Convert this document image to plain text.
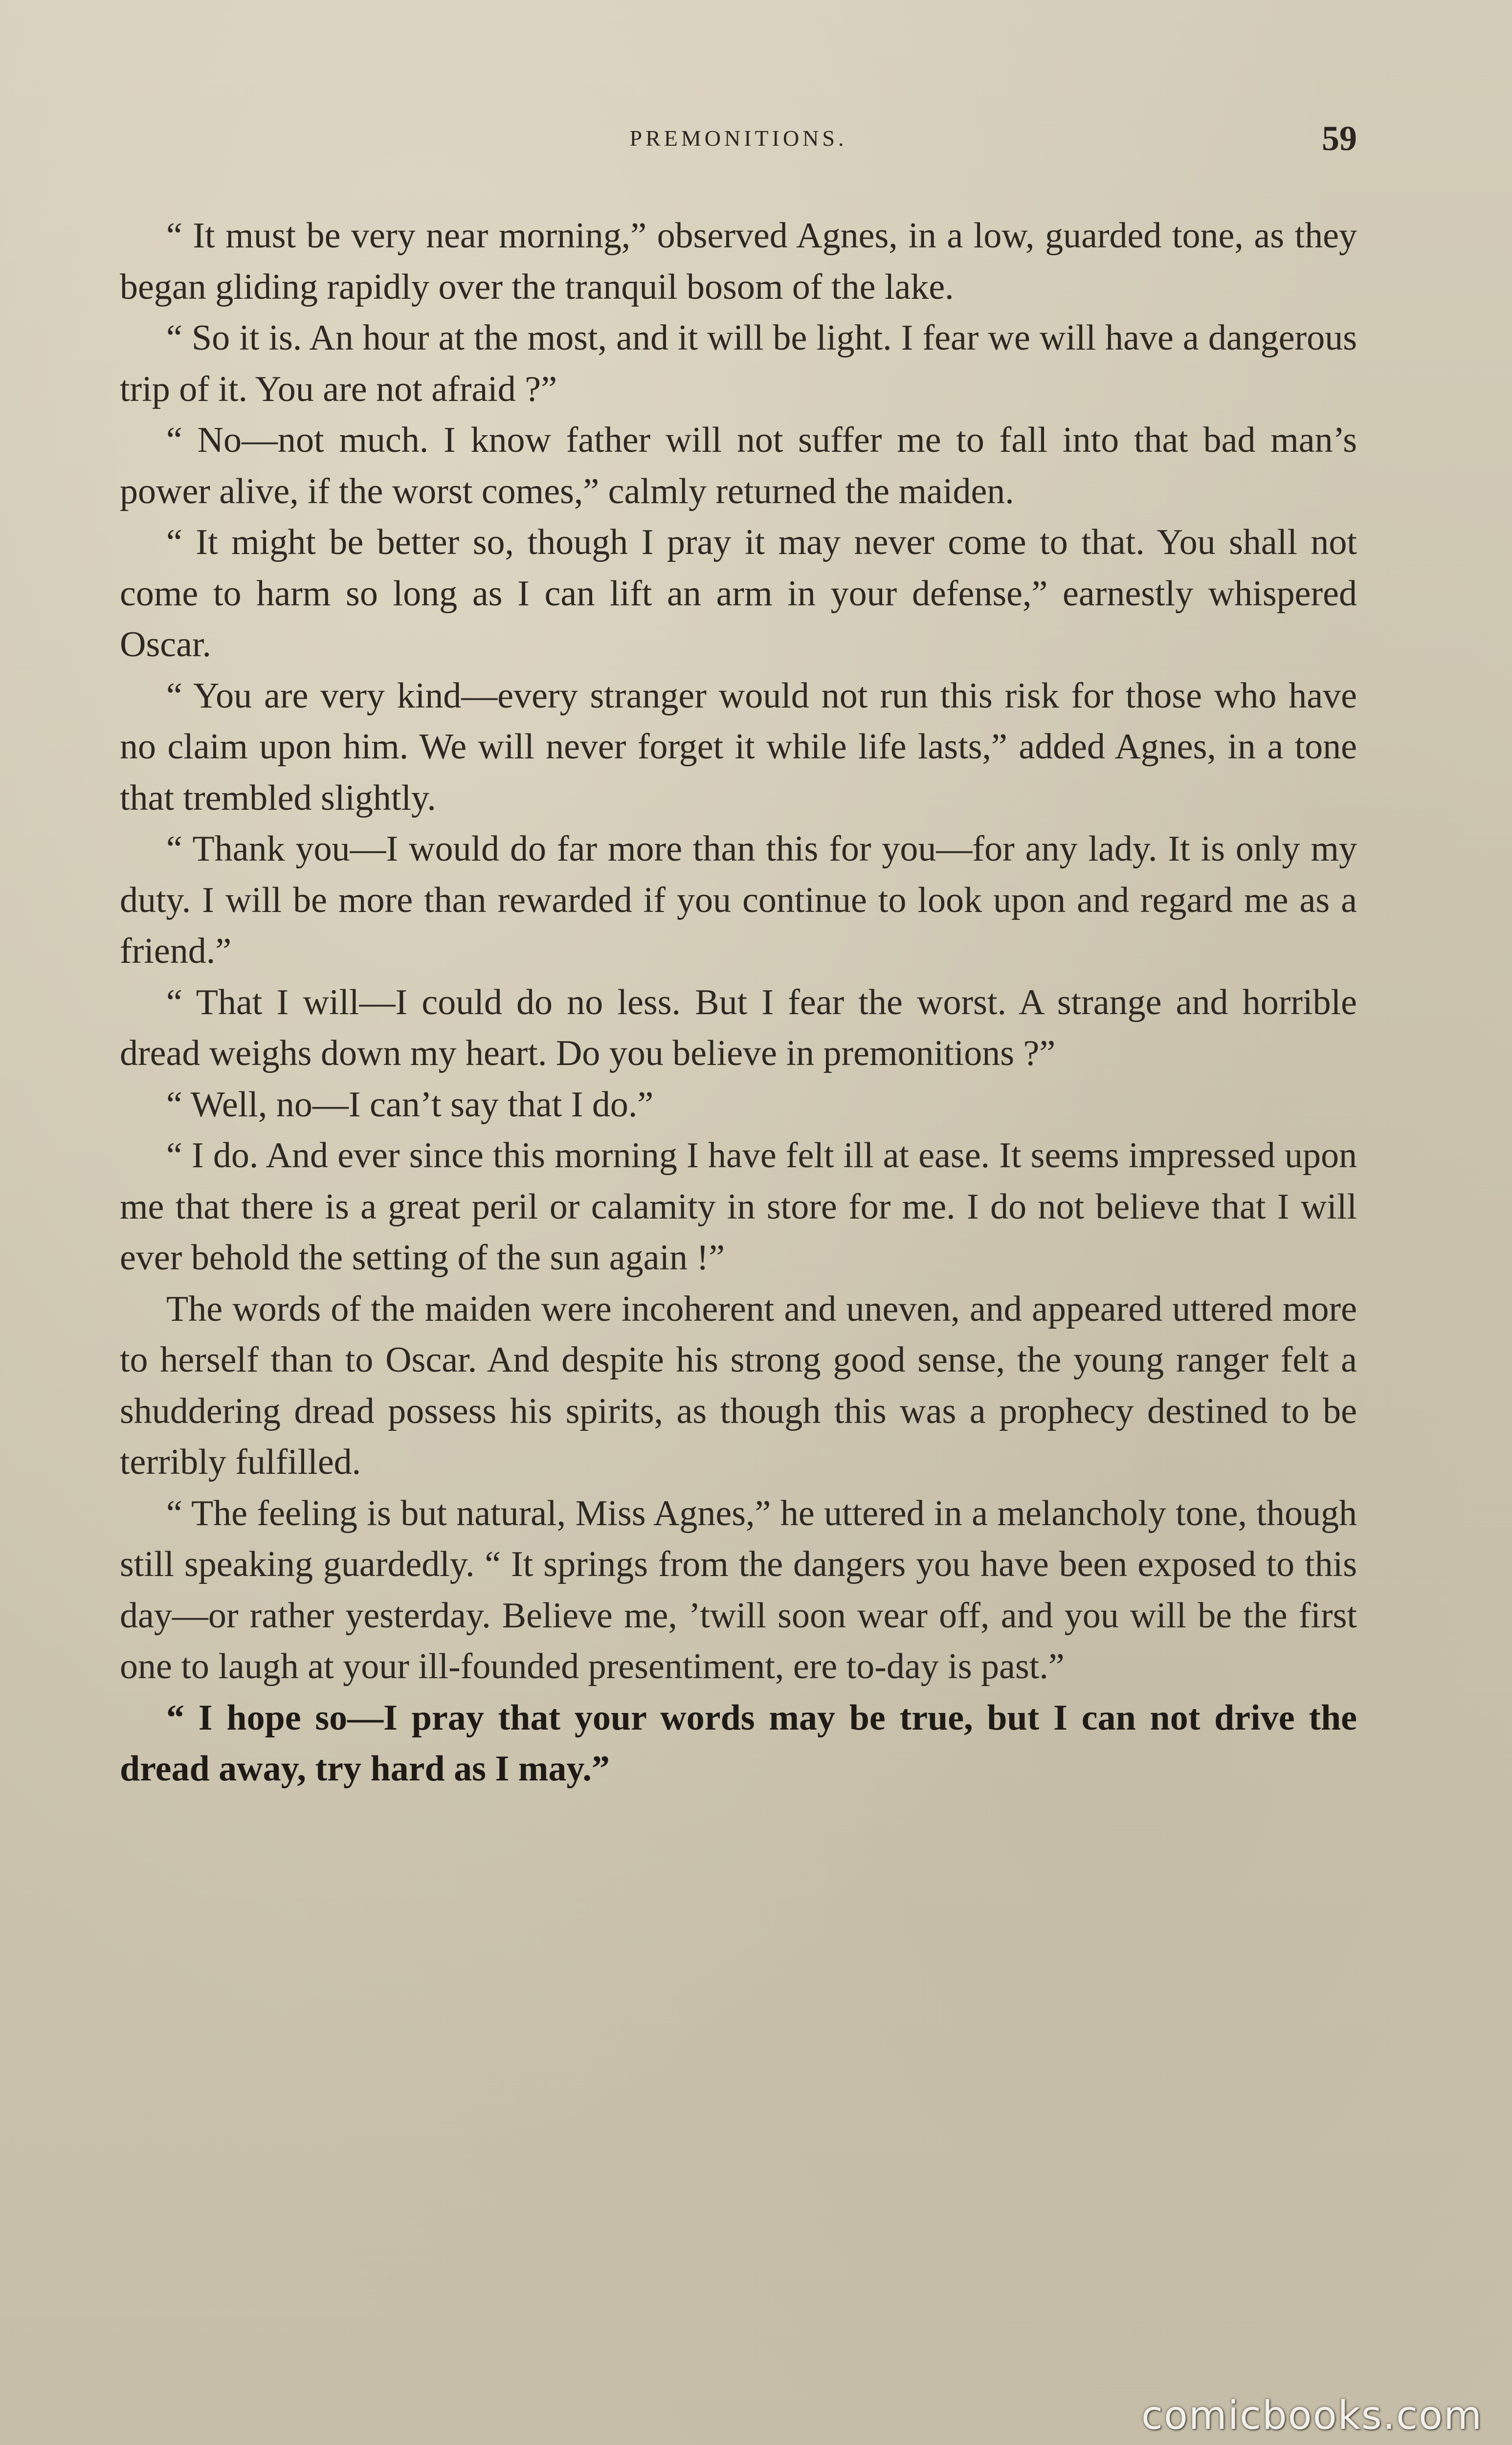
PREMONITIONS.	59

“ It must be very near morning,” observed Agnes, in a low, guarded tone, as they began gliding rapidly over the tranquil bosom of the lake.

“ So it is. An hour at the most, and it will be light. I fear we will have a dangerous trip of it. You are not afraid ?”

“ No—not much. I know father will not suffer me to fall into that bad man’s power alive, if the worst comes,” calmly returned the maiden.

“ It might be better so, though I pray it may never come to that. You shall not come to harm so long as I can lift an arm in your defense,” earnestly whispered Oscar.

“ You are very kind—every stranger would not run this risk for those who have no claim upon him. We will never forget it while life lasts,” added Agnes, in a tone that trembled slightly.

“ Thank you—I would do far more than this for you—for any lady. It is only my duty. I will be more than rewarded if you continue to look upon and regard me as a friend.”

“ That I will—I could do no less. But I fear the worst. A strange and horrible dread weighs down my heart. Do you believe in premonitions ?”

“ Well, no—I can’t say that I do.”

“ I do. And ever since this morning I have felt ill at ease. It seems impressed upon me that there is a great peril or calamity in store for me. I do not believe that I will ever behold the setting of the sun again !”

The words of the maiden were incoherent and uneven, and appeared uttered more to herself than to Oscar. And despite his strong good sense, the young ranger felt a shuddering dread possess his spirits, as though this was a prophecy destined to be terribly fulfilled.

“ The feeling is but natural, Miss Agnes,” he uttered in a melancholy tone, though still speaking guardedly. “ It springs from the dangers you have been exposed to this day—or rather yesterday. Believe me, ’twill soon wear off, and you will be the first one to laugh at your ill-founded presentiment, ere to-day is past.”

“ I hope so—I pray that your words may be true, but I can not drive the dread away, try hard as I may.”

comicbooks.com
